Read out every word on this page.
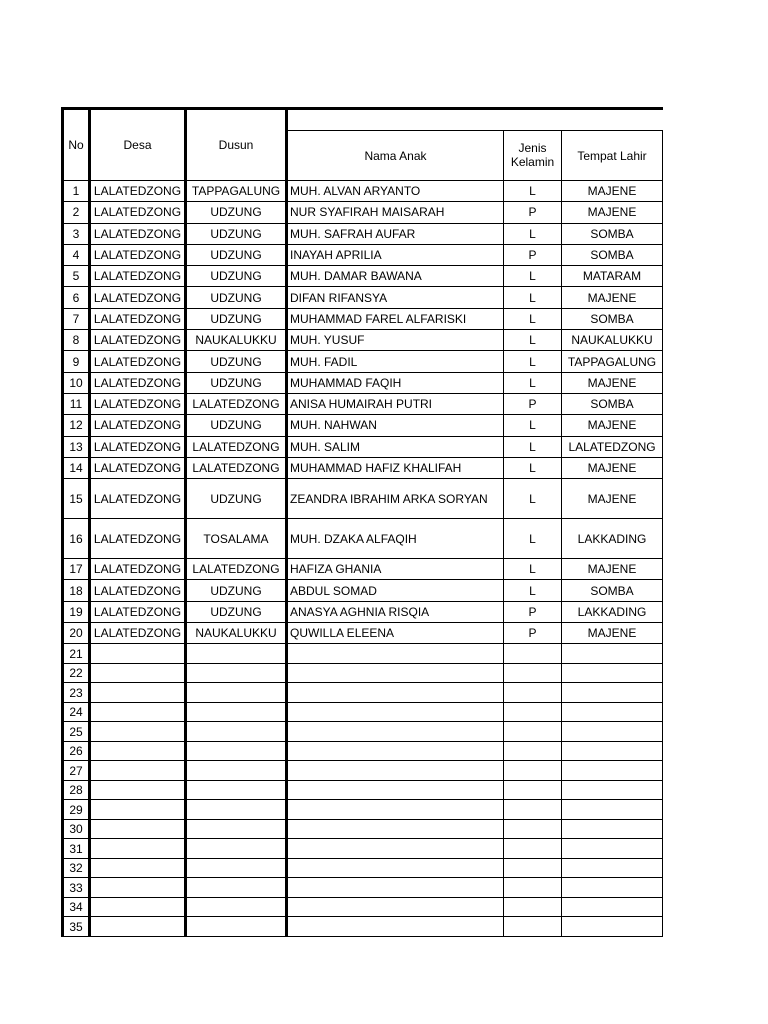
No	Desa	Dusun			
			Nama Anak	Jenis Kelamin	Tempat Lahir
1	LALATEDZONG	TAPPAGALUNG	MUH. ALVAN ARYANTO	L	MAJENE
2	LALATEDZONG	UDZUNG	NUR SYAFIRAH MAISARAH	P	MAJENE
3	LALATEDZONG	UDZUNG	MUH. SAFRAH AUFAR	L	SOMBA
4	LALATEDZONG	UDZUNG	INAYAH APRILIA	P	SOMBA
5	LALATEDZONG	UDZUNG	MUH. DAMAR BAWANA	L	MATARAM
6	LALATEDZONG	UDZUNG	DIFAN RIFANSYA	L	MAJENE
7	LALATEDZONG	UDZUNG	MUHAMMAD FAREL ALFARISKI	L	SOMBA
8	LALATEDZONG	NAUKALUKKU	MUH. YUSUF	L	NAUKALUKKU
9	LALATEDZONG	UDZUNG	MUH. FADIL	L	TAPPAGALUNG
10	LALATEDZONG	UDZUNG	MUHAMMAD FAQIH	L	MAJENE
11	LALATEDZONG	LALATEDZONG	ANISA HUMAIRAH PUTRI	P	SOMBA
12	LALATEDZONG	UDZUNG	MUH. NAHWAN	L	MAJENE
13	LALATEDZONG	LALATEDZONG	MUH. SALIM	L	LALATEDZONG
14	LALATEDZONG	LALATEDZONG	MUHAMMAD HAFIZ KHALIFAH	L	MAJENE
15	LALATEDZONG	UDZUNG	ZEANDRA IBRAHIM ARKA SORYAN	L	MAJENE
16	LALATEDZONG	TOSALAMA	MUH. DZAKA ALFAQIH	L	LAKKADING
17	LALATEDZONG	LALATEDZONG	HAFIZA GHANIA	L	MAJENE
18	LALATEDZONG	UDZUNG	ABDUL SOMAD	L	SOMBA
19	LALATEDZONG	UDZUNG	ANASYA AGHNIA RISQIA	P	LAKKADING
20	LALATEDZONG	NAUKALUKKU	QUWILLA ELEENA	P	MAJENE
21					
22					
23					
24					
25					
26					
27					
28					
29					
30					
31					
32					
33					
34					
35					
